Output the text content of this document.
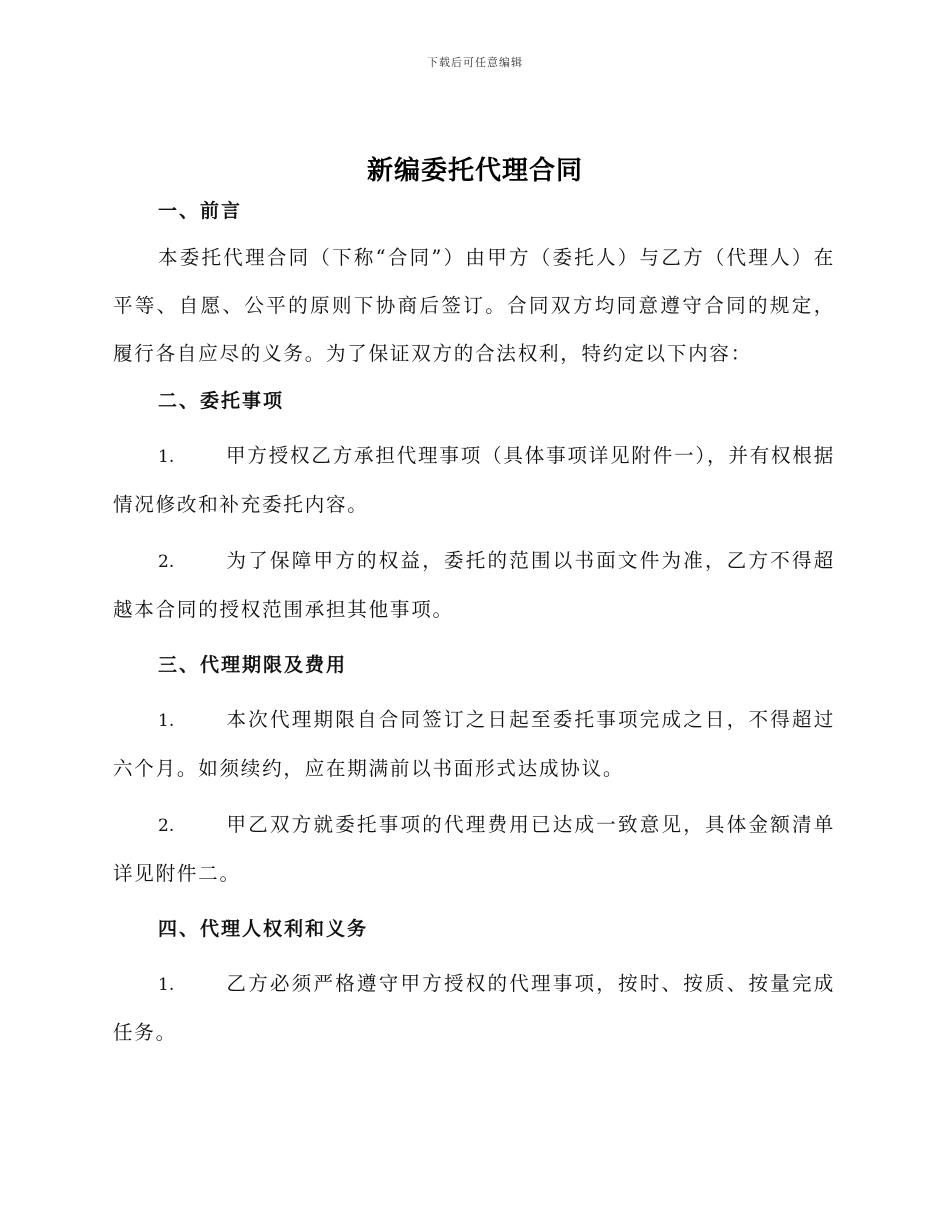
下载后可任意编辑
新编委托代理合同

一、前言

本委托代理合同（下称“合同”）由甲方（委托人）与乙方（代理人）在平等、自愿、公平的原则下协商后签订。合同双方均同意遵守合同的规定，履行各自应尽的义务。为了保证双方的合法权利，特约定以下内容：

二、委托事项

1.	甲方授权乙方承担代理事项（具体事项详见附件一），并有权根据情况修改和补充委托内容。

2.	为了保障甲方的权益，委托的范围以书面文件为准，乙方不得超越本合同的授权范围承担其他事项。

三、代理期限及费用

1.	本次代理期限自合同签订之日起至委托事项完成之日，不得超过六个月。如须续约，应在期满前以书面形式达成协议。

2.	甲乙双方就委托事项的代理费用已达成一致意见，具体金额清单详见附件二。

四、代理人权利和义务

1.	乙方必须严格遵守甲方授权的代理事项，按时、按质、按量完成任务。
